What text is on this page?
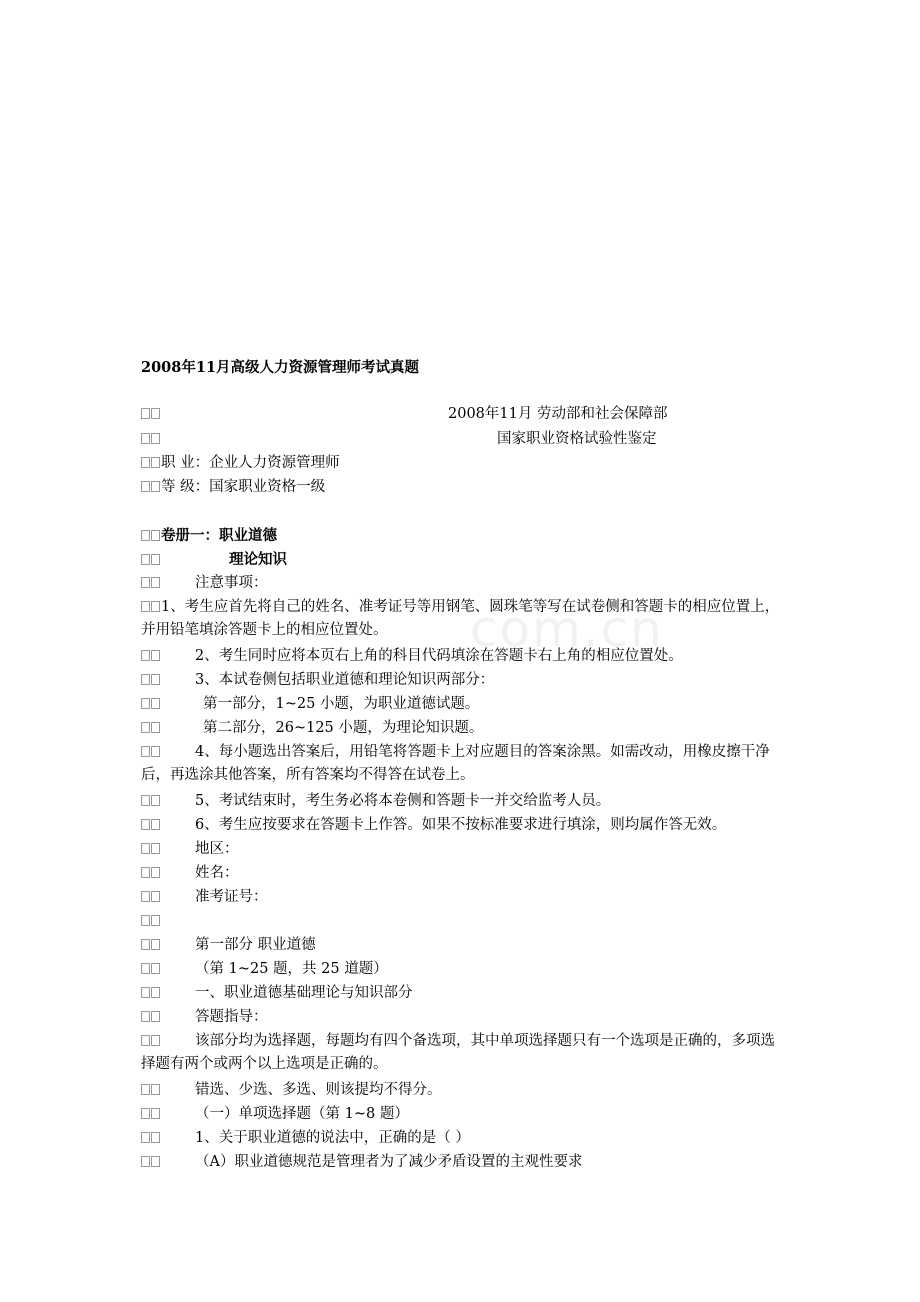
com.cn
2008年11月高级人力资源管理师考试真题
2008年11月 劳动部和社会保障部
国家职业资格试验性鉴定
职 业：企业人力资源管理师
等 级：国家职业资格一级
卷册一：职业道德
理论知识
注意事项：
1、考生应首先将自己的姓名、准考证号等用钢笔、圆珠笔等写在试卷侧和答题卡的相应位置上，并用铅笔填涂答题卡上的相应位置处。
2、考生同时应将本页右上角的科目代码填涂在答题卡右上角的相应位置处。
3、本试卷侧包括职业道德和理论知识两部分：
第一部分，1~25 小题，为职业道德试题。
第二部分，26~125 小题，为理论知识题。
4、每小题选出答案后，用铅笔将答题卡上对应题目的答案涂黑。如需改动，用橡皮擦干净后，再选涂其他答案，所有答案均不得答在试卷上。
5、考试结束时，考生务必将本卷侧和答题卡一并交给监考人员。
6、考生应按要求在答题卡上作答。如果不按标准要求进行填涂，则均属作答无效。
地区：
姓名：
准考证号：
第一部分 职业道德
（第 1~25 题，共 25 道题）
一、职业道德基础理论与知识部分
答题指导：
该部分均为选择题，每题均有四个备选项，其中单项选择题只有一个选项是正确的，多项选择题有两个或两个以上选项是正确的。
错选、少选、多选、则该提均不得分。
（一）单项选择题（第 1~8 题）
1、关于职业道德的说法中，正确的是（ ）
（A）职业道德规范是管理者为了减少矛盾设置的主观性要求
